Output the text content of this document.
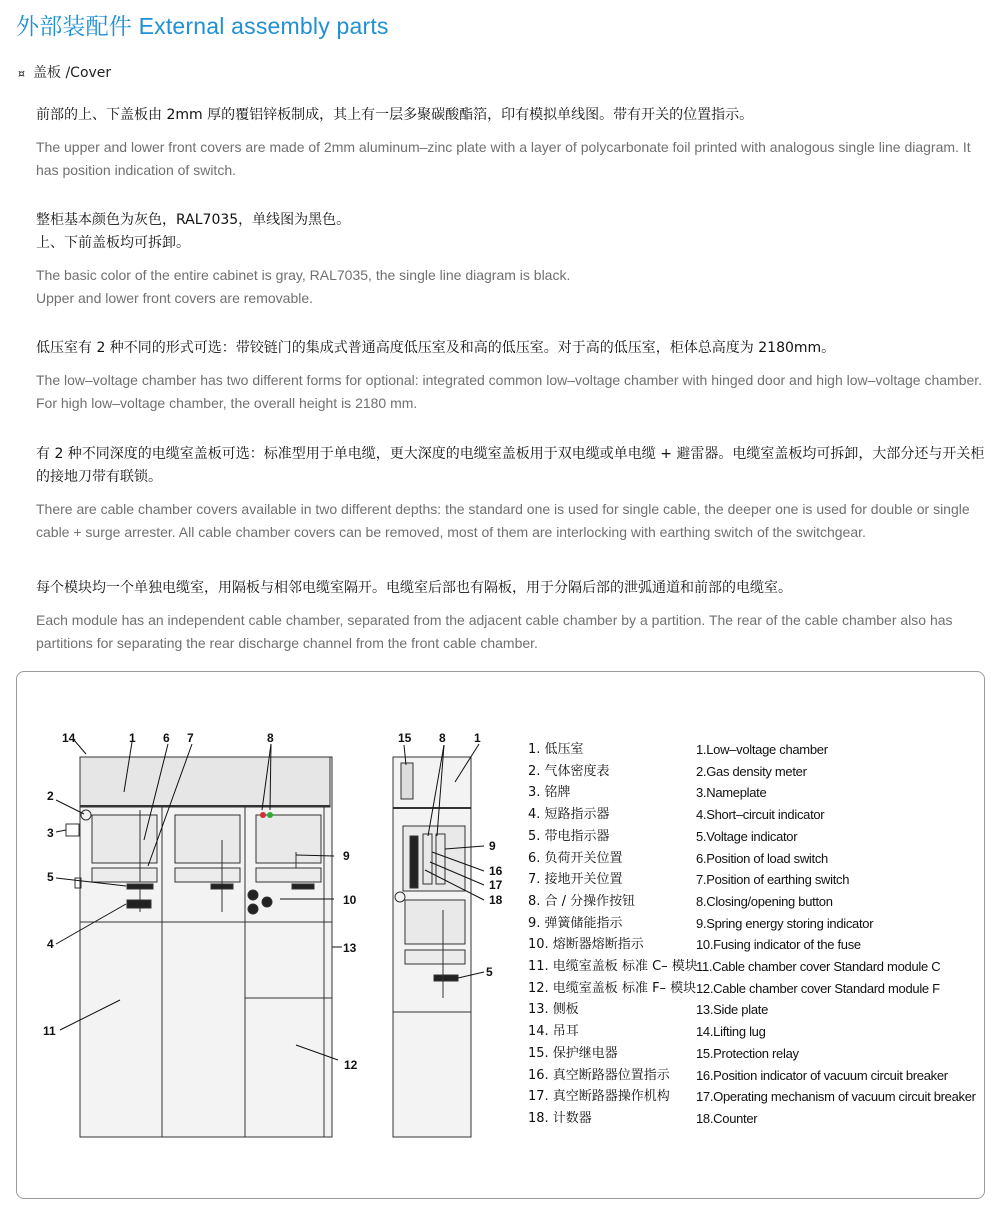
外部装配件 External assembly parts
¤ 盖板 /Cover
前部的上、下盖板由 2mm 厚的覆铝锌板制成，其上有一层多聚碳酸酯箔，印有模拟单线图。带有开关的位置指示。
The upper and lower front covers are made of 2mm aluminum–zinc plate with a layer of polycarbonate foil printed with analogous single line diagram. It has position indication of switch.
整柜基本颜色为灰色，RAL7035，单线图为黑色。
上、下前盖板均可拆卸。
The basic color of the entire cabinet is gray, RAL7035, the single line diagram is black.
Upper and lower front covers are removable.
低压室有 2 种不同的形式可选：带铰链门的集成式普通高度低压室及和高的低压室。对于高的低压室，柜体总高度为 2180mm。
The low–voltage chamber has two different forms for optional: integrated common low–voltage chamber with hinged door and high low–voltage chamber. For high low–voltage chamber, the overall height is 2180 mm.
有 2 种不同深度的电缆室盖板可选：标准型用于单电缆，更大深度的电缆室盖板用于双电缆或单电缆 + 避雷器。电缆室盖板均可拆卸，大部分还与开关柜的接地刀带有联锁。
There are cable chamber covers available in two different depths: the standard one is used for single cable, the deeper one is used for double or single cable + surge arrester. All cable chamber covers can be removed, most of them are interlocking with earthing switch of the switchgear.
每个模块均一个单独电缆室，用隔板与相邻电缆室隔开。电缆室后部也有隔板，用于分隔后部的泄弧通道和前部的电缆室。
Each module has an independent cable chamber, separated from the adjacent cable chamber by a partition. The rear of the cable chamber also has partitions for separating the rear discharge channel from the front cable chamber.
14	1 6 7	8
2
3
5
4
9
10
13
11
12
15 8 1
9
16
17
18
5
1. 低压室
2. 气体密度表
3. 铭牌
4. 短路指示器
5. 带电指示器
6. 负荷开关位置
7. 接地开关位置
8. 合 / 分操作按钮
9. 弹簧储能指示
10. 熔断器熔断指示
11. 电缆室盖板 标准 C– 模块
12. 电缆室盖板 标准 F– 模块
13. 侧板
14. 吊耳
15. 保护继电器
16. 真空断路器位置指示
17. 真空断路器操作机构
18. 计数器
1.Low–voltage chamber
2.Gas density meter
3.Nameplate
4.Short–circuit indicator
5.Voltage indicator
6.Position of load switch
7.Position of earthing switch
8.Closing/opening button
9.Spring energy storing indicator
10.Fusing indicator of the fuse
11.Cable chamber cover Standard module C
12.Cable chamber cover Standard module F
13.Side plate
14.Lifting lug
15.Protection relay
16.Position indicator of vacuum circuit breaker
17.Operating mechanism of vacuum circuit breaker
18.Counter
